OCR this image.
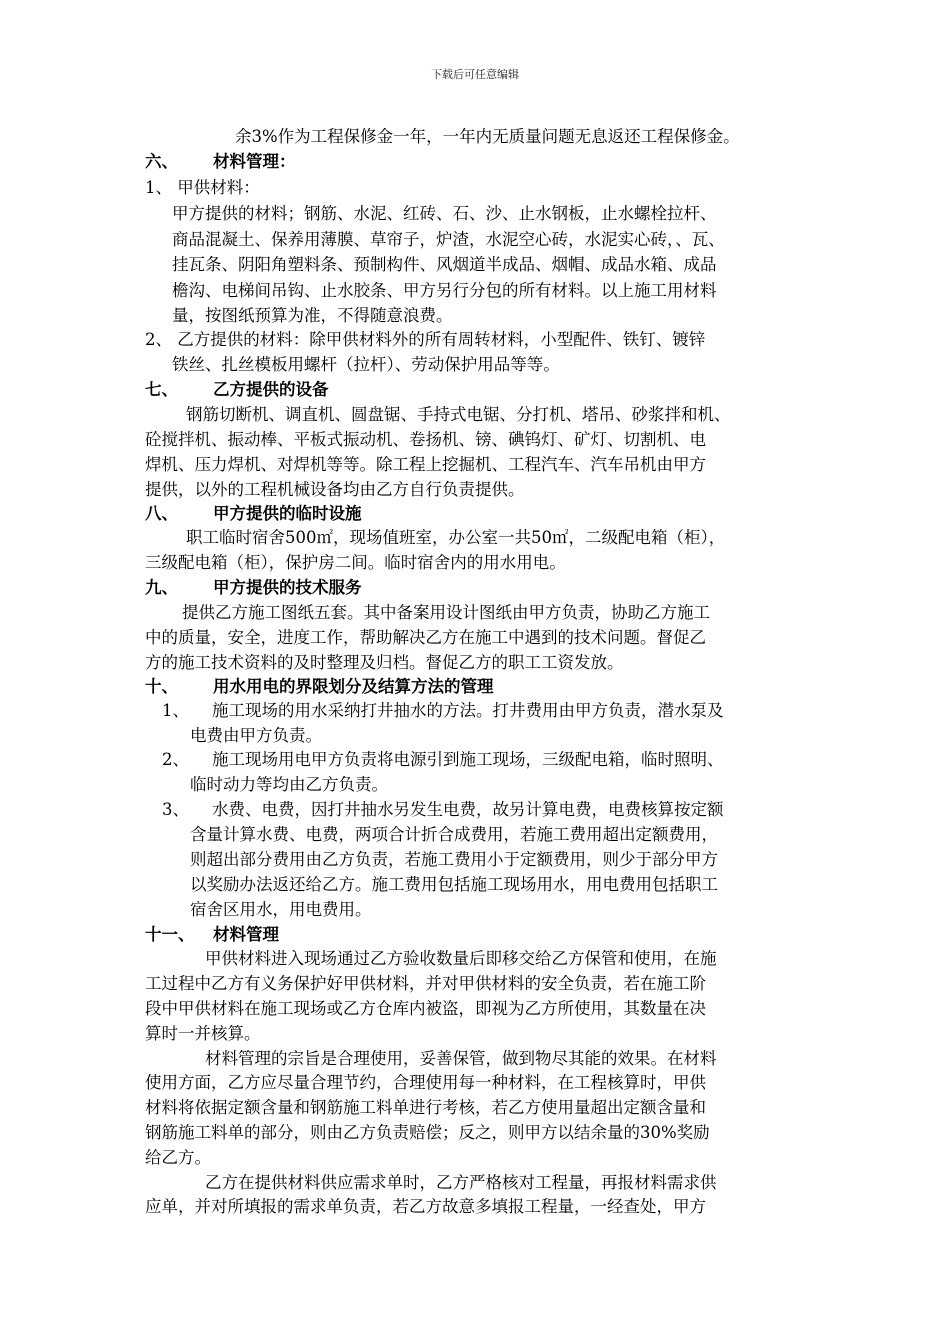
下载后可任意编辑
余3%作为工程保修金一年，一年内无质量问题无息返还工程保修金。
六、 材料管理：
1、 甲供材料：
甲方提供的材料；钢筋、水泥、红砖、石、沙、止水钢板，止水螺栓拉杆、
商品混凝土、保养用薄膜、草帘子，炉渣，水泥空心砖，水泥实心砖，、瓦、
挂瓦条、阴阳角塑料条、预制构件、风烟道半成品、烟帽、成品水箱、成品
檐沟、电梯间吊钩、止水胶条、甲方另行分包的所有材料。以上施工用材料
量，按图纸预算为准，不得随意浪费。
2、 乙方提供的材料：除甲供材料外的所有周转材料，小型配件、铁钉、镀锌
铁丝、扎丝模板用螺杆（拉杆）、劳动保护用品等等。
七、 乙方提供的设备
钢筋切断机、调直机、圆盘锯、手持式电锯、分打机、塔吊、砂浆拌和机、
砼搅拌机、振动棒、平板式振动机、卷扬机、镑、碘钨灯、矿灯、切割机、电
焊机、压力焊机、对焊机等等。除工程上挖掘机、工程汽车、汽车吊机由甲方
提供，以外的工程机械设备均由乙方自行负责提供。
八、 甲方提供的临时设施
职工临时宿舍500㎡，现场值班室，办公室一共50㎡，二级配电箱（柜），
三级配电箱（柜），保护房二间。临时宿舍内的用水用电。
九、 甲方提供的技术服务
提供乙方施工图纸五套。其中备案用设计图纸由甲方负责，协助乙方施工
中的质量，安全，进度工作，帮助解决乙方在施工中遇到的技术问题。督促乙
方的施工技术资料的及时整理及归档。督促乙方的职工工资发放。
十、 用水用电的界限划分及结算方法的管理
1、 施工现场的用水采纳打井抽水的方法。打井费用由甲方负责，潜水泵及
电费由甲方负责。
2、 施工现场用电甲方负责将电源引到施工现场，三级配电箱，临时照明、
临时动力等均由乙方负责。
3、 水费、电费，因打井抽水另发生电费，故另计算电费，电费核算按定额
含量计算水费、电费，两项合计折合成费用，若施工费用超出定额费用，
则超出部分费用由乙方负责，若施工费用小于定额费用，则少于部分甲方
以奖励办法返还给乙方。施工费用包括施工现场用水，用电费用包括职工
宿舍区用水，用电费用。
十一、 材料管理
甲供材料进入现场通过乙方验收数量后即移交给乙方保管和使用，在施
工过程中乙方有义务保护好甲供材料，并对甲供材料的安全负责，若在施工阶
段中甲供材料在施工现场或乙方仓库内被盗，即视为乙方所使用，其数量在决
算时一并核算。
材料管理的宗旨是合理使用，妥善保管，做到物尽其能的效果。在材料
使用方面，乙方应尽量合理节约，合理使用每一种材料，在工程核算时，甲供
材料将依据定额含量和钢筋施工料单进行考核，若乙方使用量超出定额含量和
钢筋施工料单的部分，则由乙方负责赔偿；反之，则甲方以结余量的30%奖励
给乙方。
乙方在提供材料供应需求单时，乙方严格核对工程量，再报材料需求供
应单，并对所填报的需求单负责，若乙方故意多填报工程量，一经查处，甲方
